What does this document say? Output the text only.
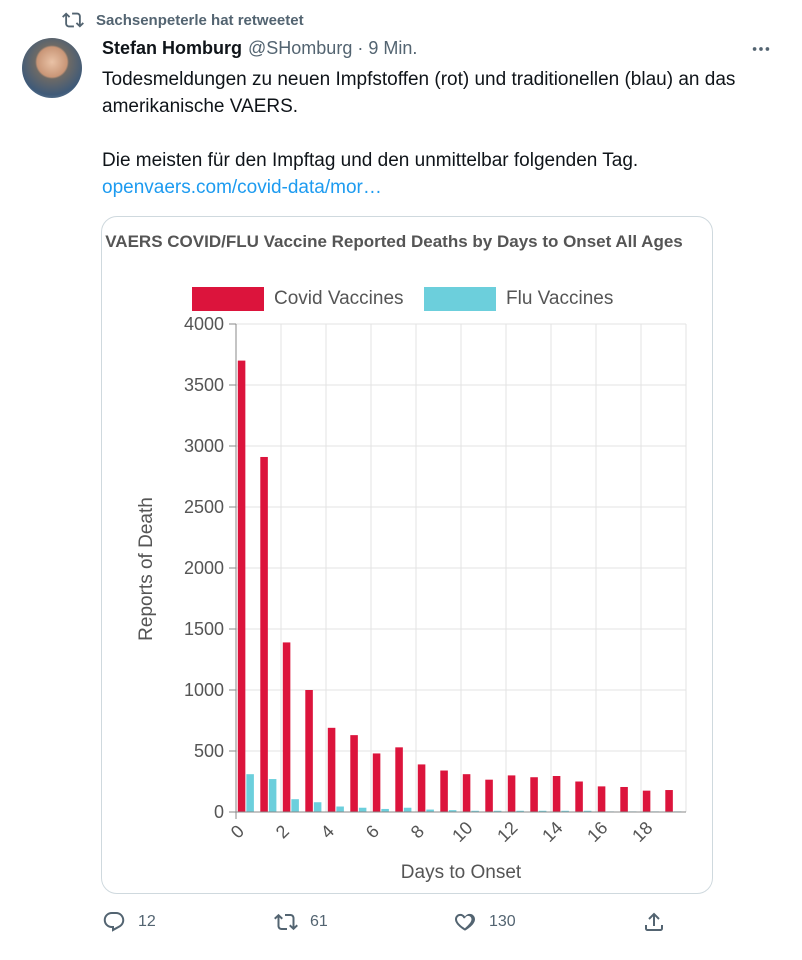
Sachsenpeterle hat retweetet
Stefan Homburg @SHomburg · 9 Min.

Todesmeldungen zu neuen Impfstoffen (rot) und traditionellen (blau) an das amerikanische VAERS.

Die meisten für den Impftag und den unmittelbar folgenden Tag.

openvaers.com/covid-data/mor…
VAERS COVID/FLU Vaccine Reported Deaths by Days to Onset All Ages
Covid Vaccines	Flu Vaccines
0
500
1000
1500
2000
2500
3000
3500
4000
0 2 4 6 8 10 12 14 16 18
Days to Onset
Reports of Death
12	61	130
